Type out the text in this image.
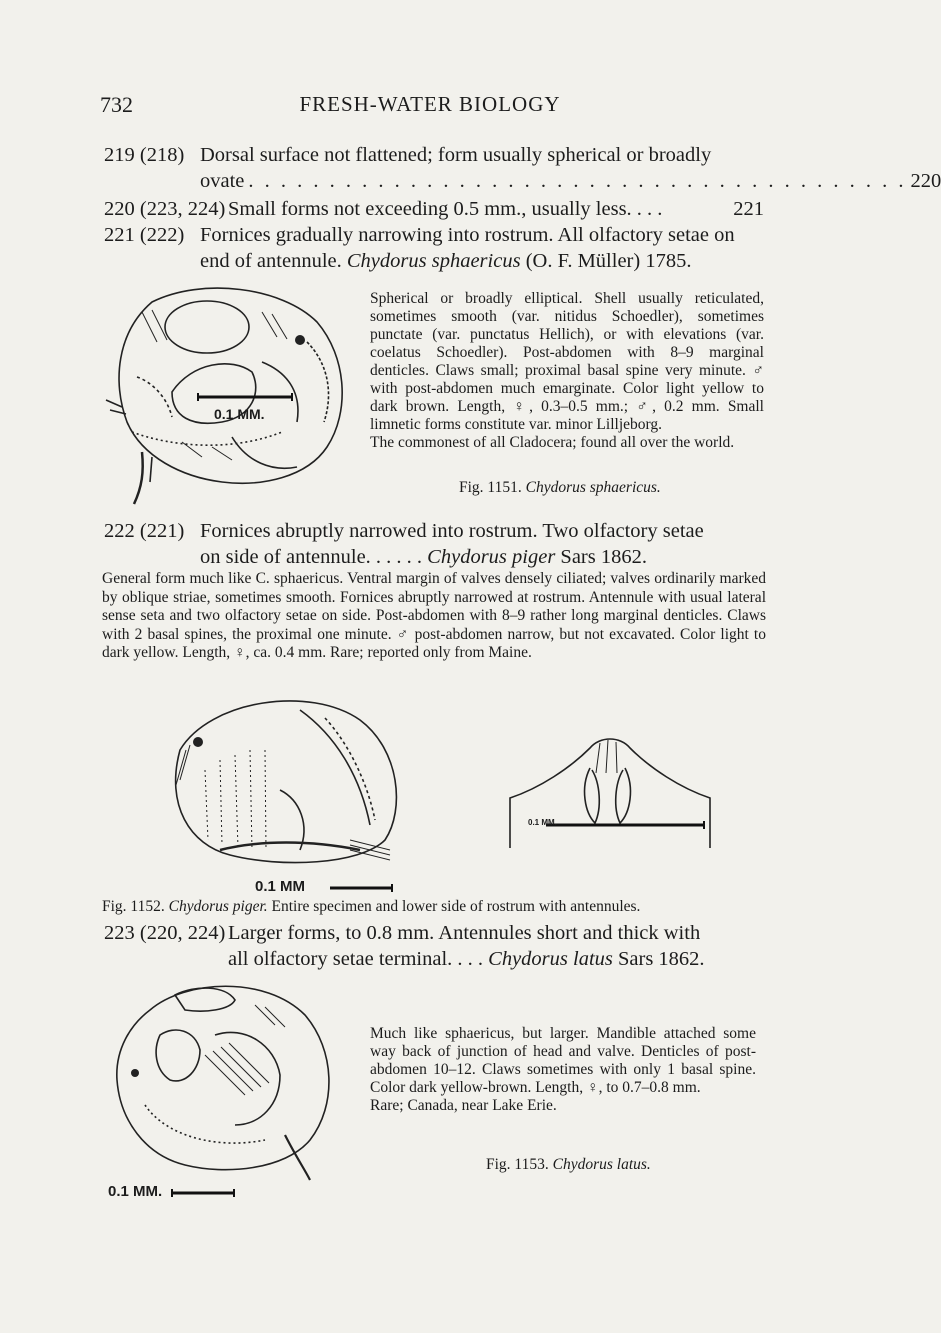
732	FRESH-WATER BIOLOGY
219 (218) Dorsal surface not flattened; form usually spherical or broadly
ovate . . . . . . . . . . . . . . . . . . . . . . . . . . . . . . . . . . . . . . . . . 220
220 (223, 224) Small forms not exceeding 0.5 mm., usually less. . . .	221
221 (222) Fornices gradually narrowing into rostrum. All olfactory setae on
end of antennule. Chydorus sphaericus (O. F. Müller) 1785.
0.1 MM.
Spherical or broadly elliptical. Shell usually reticulated, sometimes smooth (var. nitidus Schoedler), sometimes punctate (var. punctatus Hellich), or with elevations (var. coelatus Schoedler). Post-abdomen with 8–9 marginal denticles. Claws small; proximal basal spine very minute. ♂ with post-abdomen much emarginate. Color light yellow to dark brown. Length, ♀, 0.3–0.5 mm.; ♂, 0.2 mm. Small limnetic forms constitute var. minor Lilljeborg.
The commonest of all Cladocera; found all over the world.
Fig. 1151. Chydorus sphaericus.
222 (221) Fornices abruptly narrowed into rostrum. Two olfactory setae
on side of antennule. . . . . . Chydorus piger Sars 1862.
General form much like C. sphaericus. Ventral margin of valves densely ciliated; valves ordinarily marked by oblique striae, sometimes smooth. Fornices abruptly narrowed at rostrum. Antennule with usual lateral sense seta and two olfactory setae on side. Post-abdomen with 8–9 rather long marginal denticles. Claws with 2 basal spines, the proximal one minute. ♂ post-abdomen narrow, but not excavated. Color light to dark yellow. Length, ♀, ca. 0.4 mm. Rare; reported only from Maine.
0.1 MM.
0.1 MM
Fig. 1152. Chydorus piger. Entire specimen and lower side of rostrum with antennules.
223 (220, 224) Larger forms, to 0.8 mm. Antennules short and thick with
all olfactory setae terminal. . . . Chydorus latus Sars 1862.
0.1 MM.
Much like sphaericus, but larger. Mandible attached some way back of junction of head and valve. Denticles of post-abdomen 10–12. Claws sometimes with only 1 basal spine. Color dark yellow-brown. Length, ♀, to 0.7–0.8 mm.
Rare; Canada, near Lake Erie.
Fig. 1153. Chydorus latus.
